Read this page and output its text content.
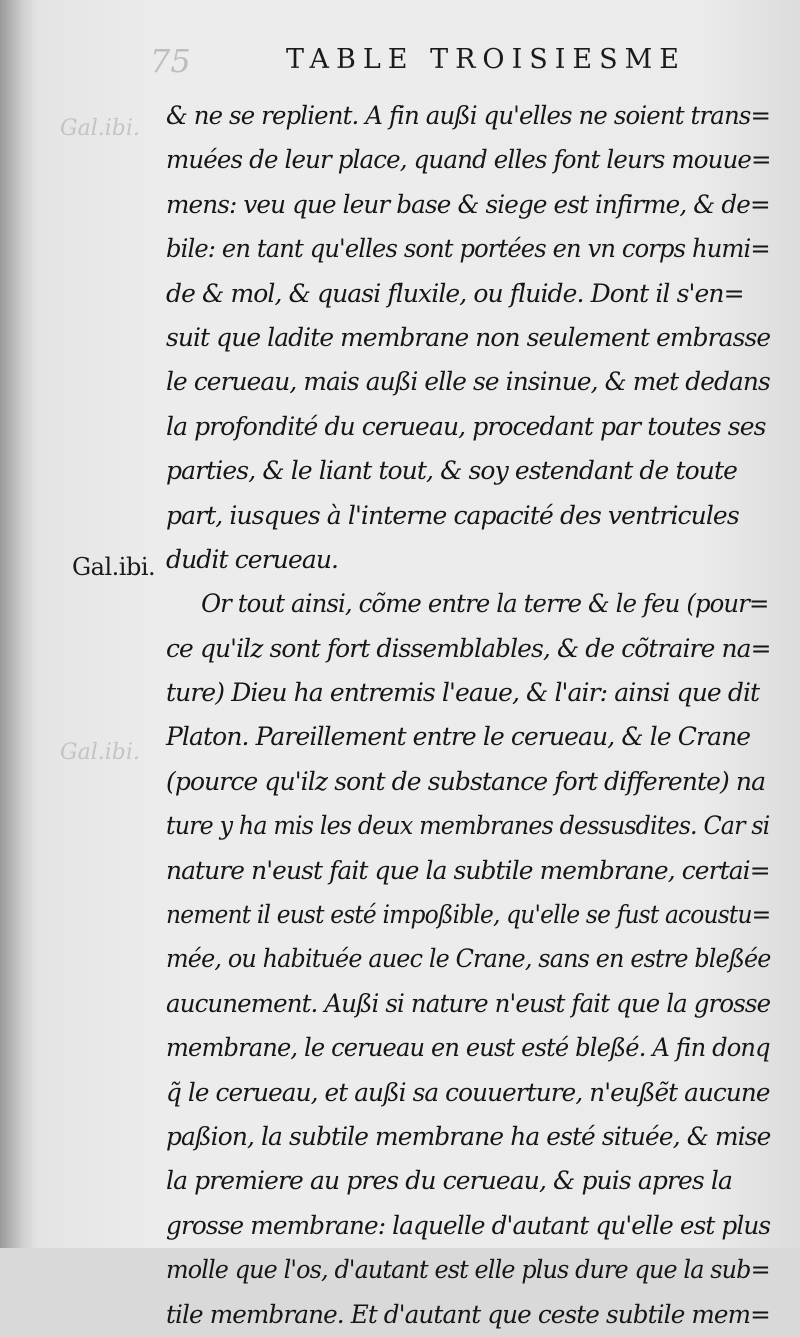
75
Gal.ibi.
Gal.ibi.
TABLE TROISIESME
Gal.ibi.
& ne se replient. A fin außi qu'elles ne soient trans=
muées de leur place, quand elles font leurs mouue=
mens: veu que leur base & siege est infirme, & de=
bile: en tant qu'elles sont portées en vn corps humi=
de & mol, & quasi fluxile, ou fluide. Dont il s'en=
suit que ladite membrane non seulement embrasse
le cerueau, mais außi elle se insinue, & met dedans
la profondité du cerueau, procedant par toutes ses
parties, & le liant tout, & soy estendant de toute
part, iusques à l'interne capacité des ventricules
dudit cerueau.
Or tout ainsi, cõme entre la terre & le feu (pour=
ce qu'ilz sont fort dissemblables, & de cõtraire na=
ture) Dieu ha entremis l'eaue, & l'air: ainsi que dit
Platon. Pareillement entre le cerueau, & le Crane
(pource qu'ilz sont de substance fort differente) na
ture y ha mis les deux membranes dessusdites. Car si
nature n'eust fait que la subtile membrane, certai=
nement il eust esté impoßible, qu'elle se fust acoustu=
mée, ou habituée auec le Crane, sans en estre bleßée
aucunement. Außi si nature n'eust fait que la grosse
membrane, le cerueau en eust esté bleßé. A fin donq
q̃ le cerueau, et außi sa couuerture, n'eußẽt aucune
paßion, la subtile membrane ha esté située, & mise
la premiere au pres du cerueau, & puis apres la
grosse membrane: laquelle d'autant qu'elle est plus
molle que l'os, d'autant est elle plus dure que la sub=
tile membrane. Et d'autant que ceste subtile mem=
